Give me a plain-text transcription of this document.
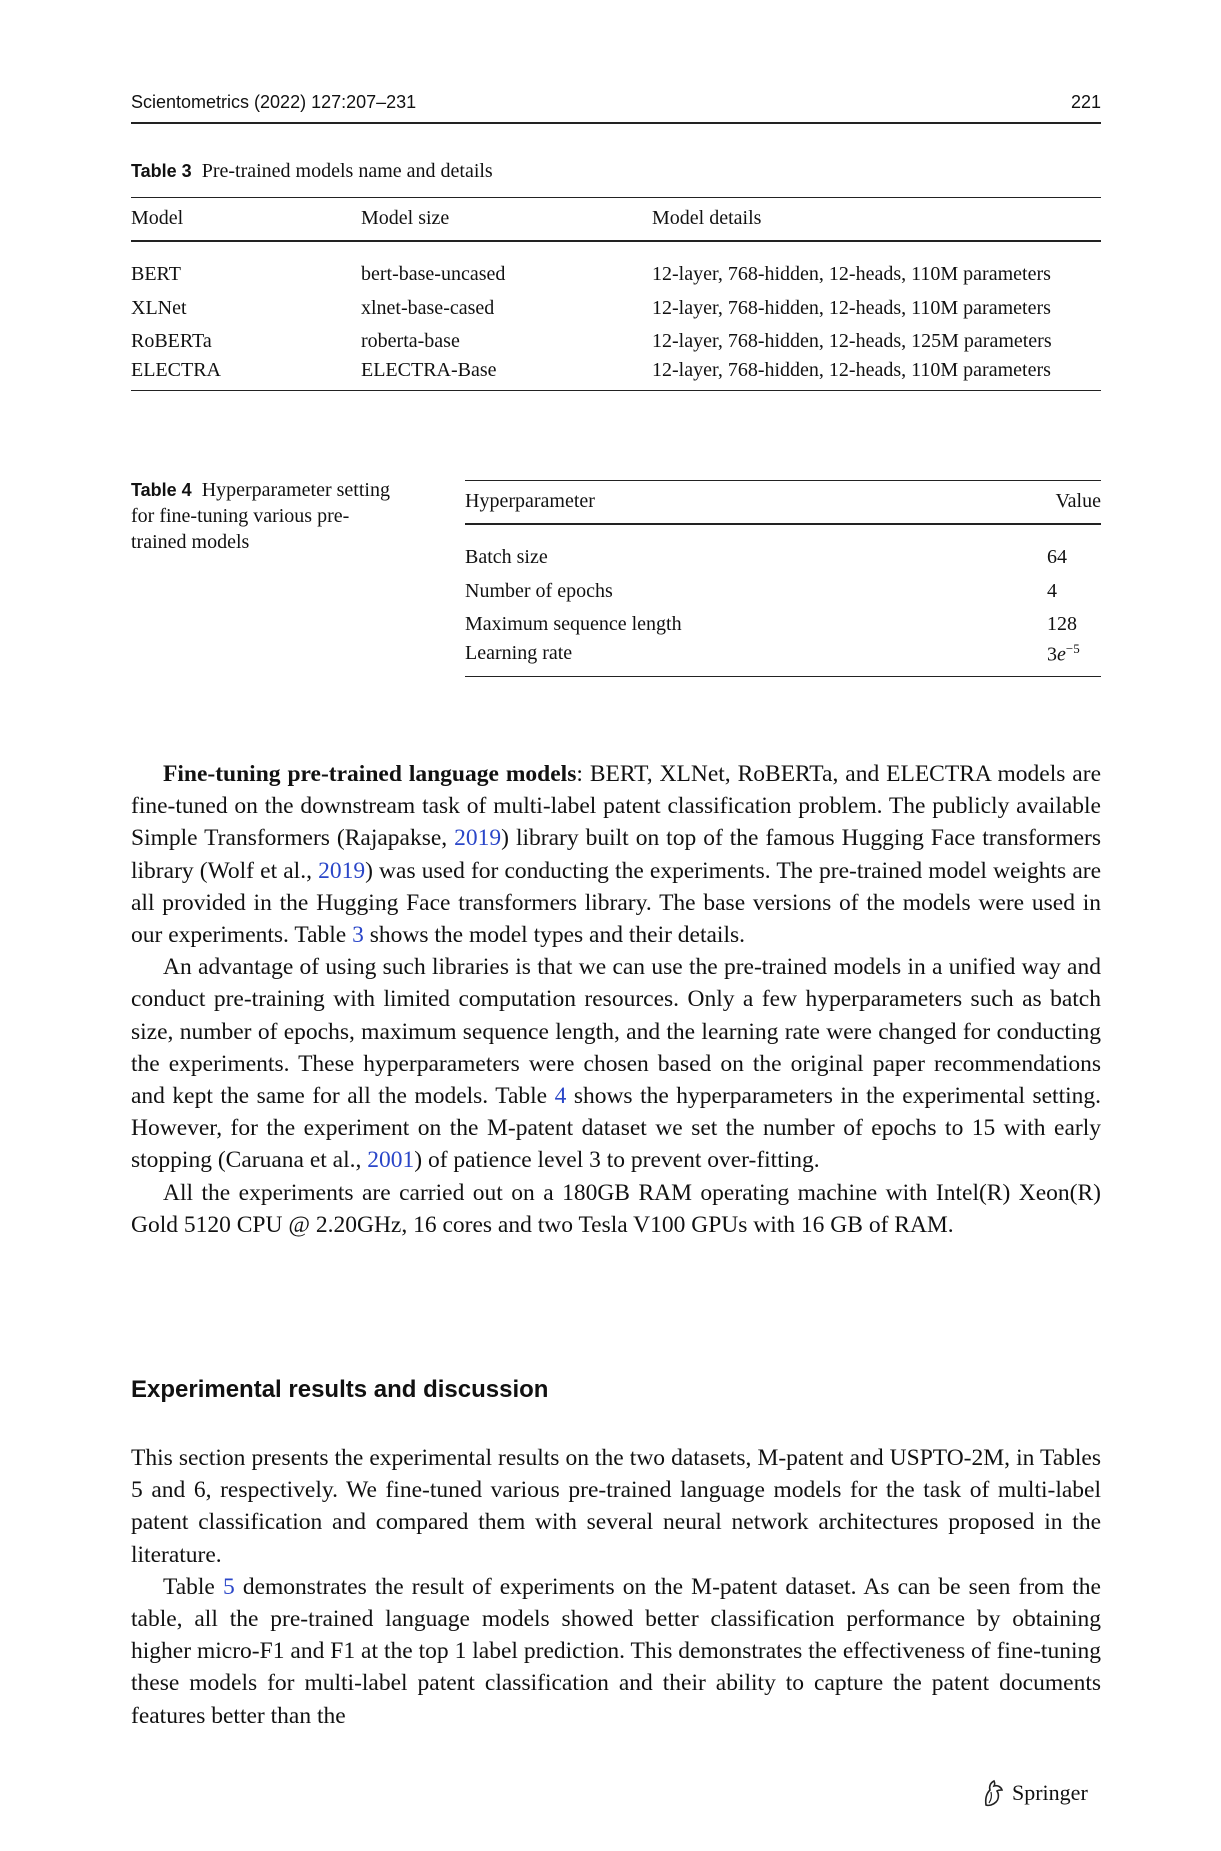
Scientometrics (2022) 127:207–231	221
Table 3 Pre-trained models name and details
Model	Model size	Model details
BERT	bert-base-uncased	12-layer, 768-hidden, 12-heads, 110M parameters
XLNet	xlnet-base-cased	12-layer, 768-hidden, 12-heads, 110M parameters
RoBERTa	roberta-base	12-layer, 768-hidden, 12-heads, 125M parameters
ELECTRA	ELECTRA-Base	12-layer, 768-hidden, 12-heads, 110M parameters
Table 4 Hyperparameter setting
for fine-tuning various pre-
trained models
Hyperparameter	Value
Batch size	64
Number of epochs	4
Maximum sequence length	128
Learning rate	$3e^{-5}$

Fine-tuning pre-trained language models: BERT, XLNet, RoBERTa, and ELECTRA models are fine-tuned on the downstream task of multi-label patent classification problem. The publicly available Simple Transformers (Rajapakse, 2019) library built on top of the famous Hugging Face transformers library (Wolf et al., 2019) was used for conducting the experiments. The pre-trained model weights are all provided in the Hugging Face transformers library. The base versions of the models were used in our experiments. Table 3 shows the model types and their details.

An advantage of using such libraries is that we can use the pre-trained models in a unified way and conduct pre-training with limited computation resources. Only a few hyperparameters such as batch size, number of epochs, maximum sequence length, and the learning rate were changed for conducting the experiments. These hyperparameters were chosen based on the original paper recommendations and kept the same for all the models. Table 4 shows the hyperparameters in the experimental setting. However, for the experiment on the M-patent dataset we set the number of epochs to 15 with early stopping (Caruana et al., 2001) of patience level 3 to prevent over-fitting.

All the experiments are carried out on a 180GB RAM operating machine with Intel(R) Xeon(R) Gold 5120 CPU @ 2.20GHz, 16 cores and two Tesla V100 GPUs with 16 GB of RAM.

Experimental results and discussion

This section presents the experimental results on the two datasets, M-patent and USPTO-2M, in Tables 5 and 6, respectively. We fine-tuned various pre-trained language models for the task of multi-label patent classification and compared them with several neural network architectures proposed in the literature.

Table 5 demonstrates the result of experiments on the M-patent dataset. As can be seen from the table, all the pre-trained language models showed better classification performance by obtaining higher micro-F1 and F1 at the top 1 label prediction. This demonstrates the effectiveness of fine-tuning these models for multi-label patent classification and their ability to capture the patent documents features better than the

Springer
